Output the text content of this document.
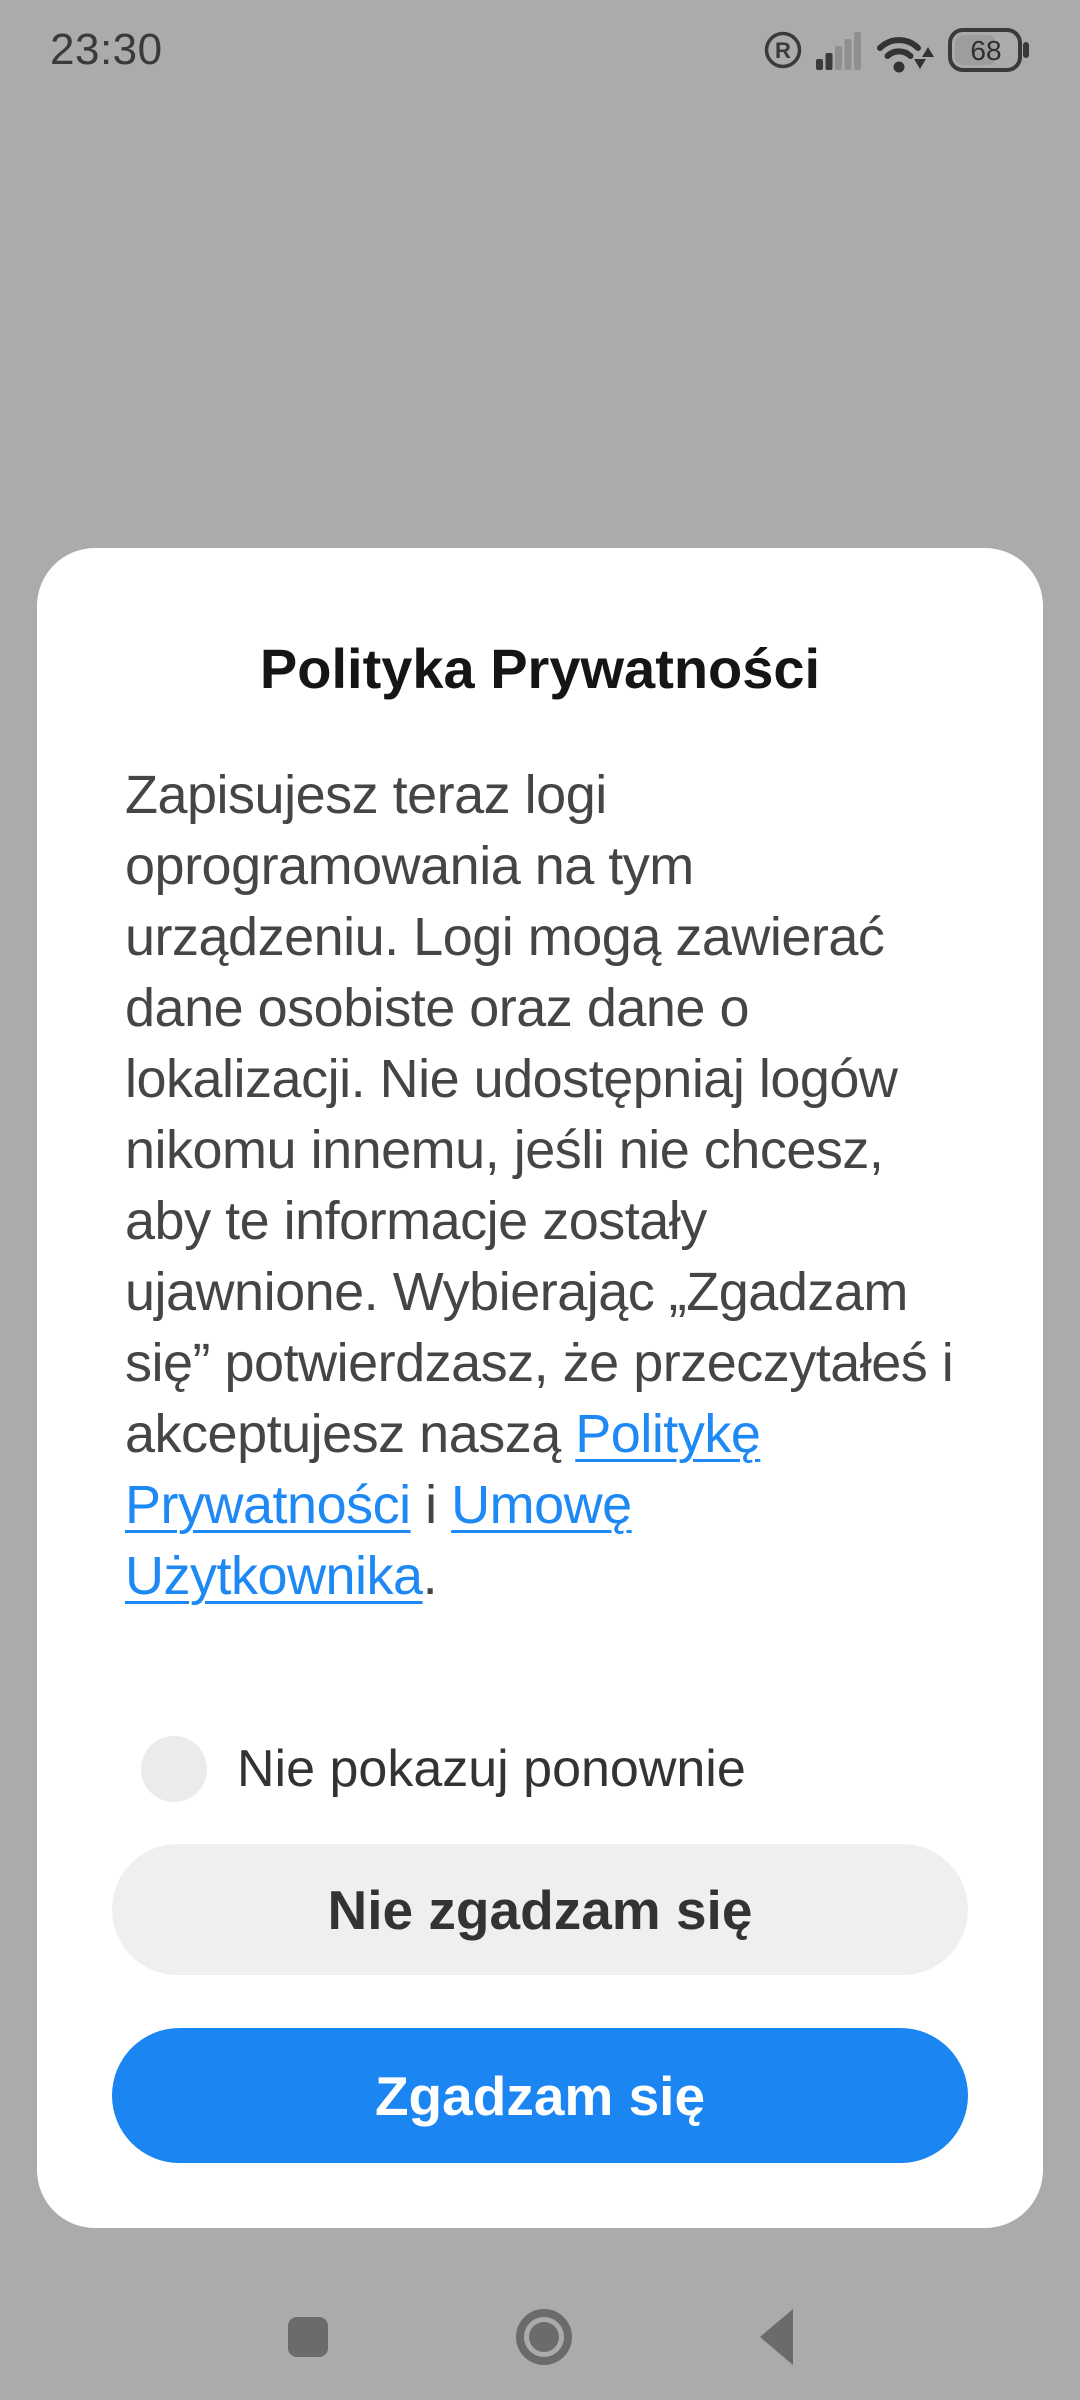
23:30	R	68
Polityka Prywatności

Zapisujesz teraz logi oprogramowania na tym urządzeniu. Logi mogą zawierać dane osobiste oraz dane o lokalizacji. Nie udostępniaj logów nikomu innemu, jeśli nie chcesz, aby te informacje zostały ujawnione. Wybierając „Zgadzam się” potwierdzasz, że przeczytałeś i akceptujesz naszą Politykę Prywatności i Umowę Użytkownika.

Nie pokazuj ponownie
Nie zgadzam się
Zgadzam się
